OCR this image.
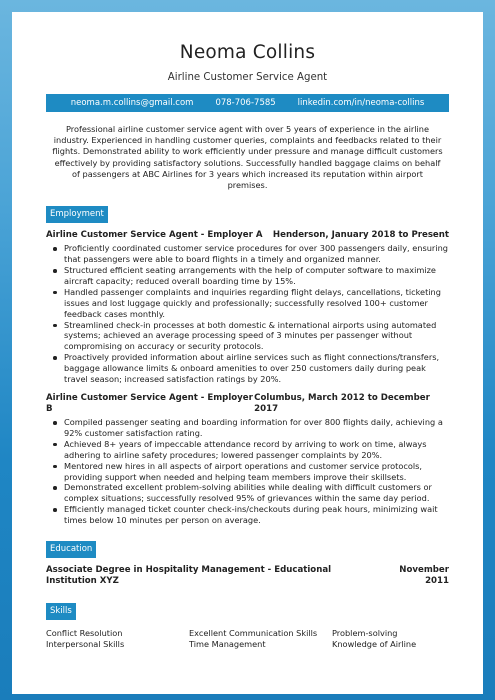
Neoma Collins
Airline Customer Service Agent
neoma.m.collins@gmail.com	078-706-7585	linkedin.com/in/neoma-collins
Professional airline customer service agent with over 5 years of experience in the airline industry. Experienced in handling customer queries, complaints and feedbacks related to their flights. Demonstrated ability to work efficiently under pressure and manage difficult customers effectively by providing satisfactory solutions. Successfully handled baggage claims on behalf of passengers at ABC Airlines for 3 years which increased its reputation within airport premises.
Employment
Airline Customer Service Agent - Employer A Henderson, January 2018 to Present
Proficiently coordinated customer service procedures for over 300 passengers daily, ensuring that passengers were able to board flights in a timely and organized manner.
Structured efficient seating arrangements with the help of computer software to maximize aircraft capacity; reduced overall boarding time by 15%.
Handled passenger complaints and inquiries regarding flight delays, cancellations, ticketing issues and lost luggage quickly and professionally; successfully resolved 100+ customer feedback cases monthly.
Streamlined check-in processes at both domestic & international airports using automated systems; achieved an average processing speed of 3 minutes per passenger without compromising on accuracy or security protocols.
Proactively provided information about airline services such as flight connections/transfers, baggage allowance limits & onboard amenities to over 250 customers daily during peak travel season; increased satisfaction ratings by 20%.
Airline Customer Service Agent - Employer B
Columbus, March 2012 to December 2017
Compiled passenger seating and boarding information for over 800 flights daily, achieving a 92% customer satisfaction rating.
Achieved 8+ years of impeccable attendance record by arriving to work on time, always adhering to airline safety procedures; lowered passenger complaints by 20%.
Mentored new hires in all aspects of airport operations and customer service protocols, providing support when needed and helping team members improve their skillsets.
Demonstrated excellent problem-solving abilities while dealing with difficult customers or complex situations; successfully resolved 95% of grievances within the same day period.
Efficiently managed ticket counter check-ins/checkouts during peak hours, minimizing wait times below 10 minutes per person on average.
Education
Associate Degree in Hospitality Management - Educational Institution XYZ
November 2011
Skills
Conflict Resolution	Excellent Communication Skills	Problem-solving
Interpersonal Skills	Time Management	Knowledge of Airline
